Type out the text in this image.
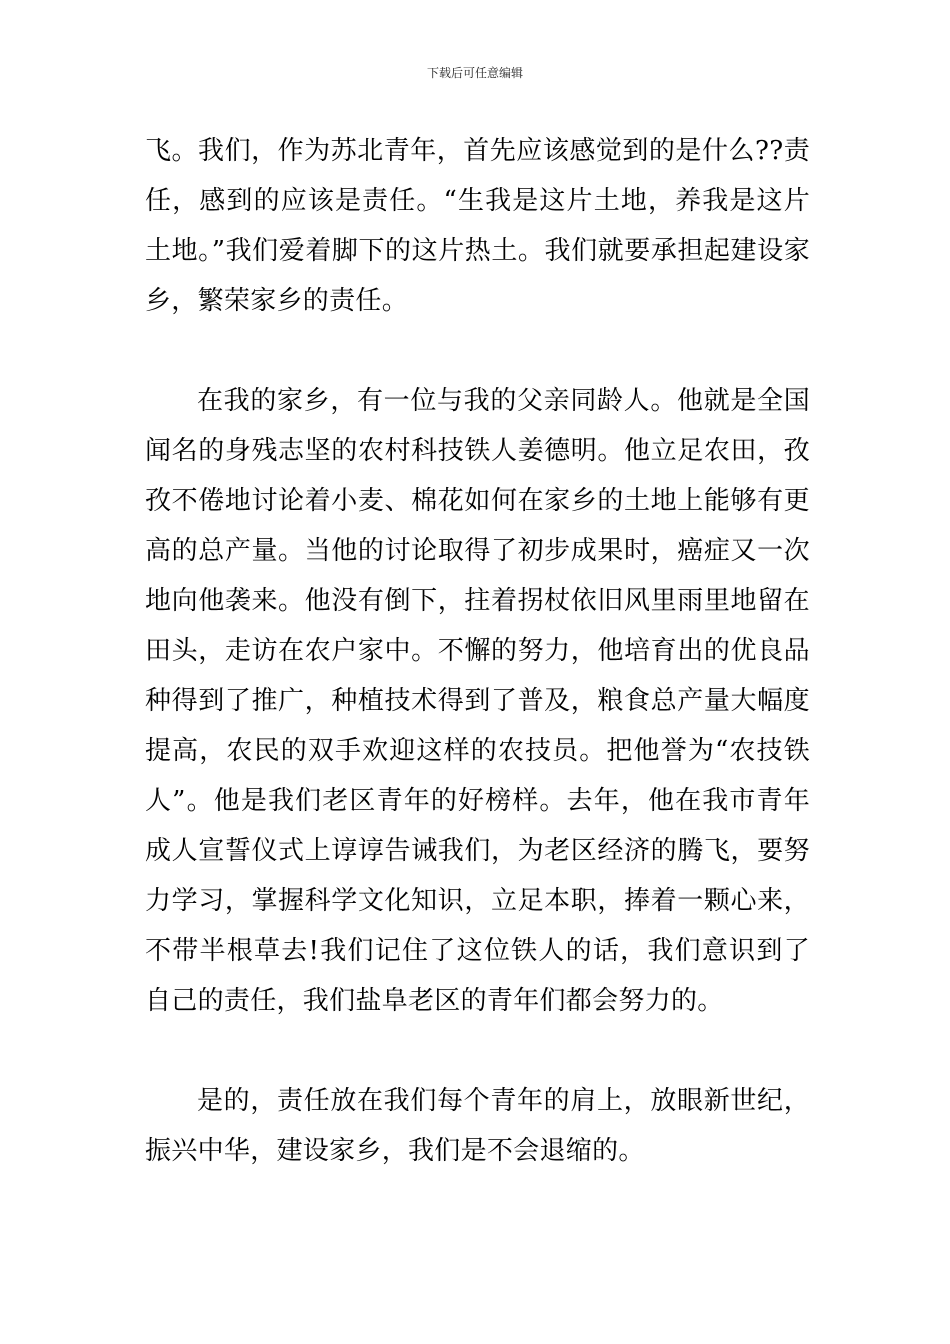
下载后可任意编辑

飞。我们，作为苏北青年，首先应该感觉到的是什么??责任，感到的应该是责任。“生我是这片土地，养我是这片土地。”我们爱着脚下的这片热土。我们就要承担起建设家乡，繁荣家乡的责任。

在我的家乡，有一位与我的父亲同龄人。他就是全国闻名的身残志坚的农村科技铁人姜德明。他立足农田，孜孜不倦地讨论着小麦、棉花如何在家乡的土地上能够有更高的总产量。当他的讨论取得了初步成果时，癌症又一次地向他袭来。他没有倒下，拄着拐杖依旧风里雨里地留在田头，走访在农户家中。不懈的努力，他培育出的优良品种得到了推广，种植技术得到了普及，粮食总产量大幅度提高，农民的双手欢迎这样的农技员。把他誉为“农技铁人”。他是我们老区青年的好榜样。去年，他在我市青年成人宣誓仪式上谆谆告诫我们，为老区经济的腾飞，要努力学习，掌握科学文化知识，立足本职，捧着一颗心来，不带半根草去!我们记住了这位铁人的话，我们意识到了自己的责任，我们盐阜老区的青年们都会努力的。

是的，责任放在我们每个青年的肩上，放眼新世纪，振兴中华，建设家乡，我们是不会退缩的。
